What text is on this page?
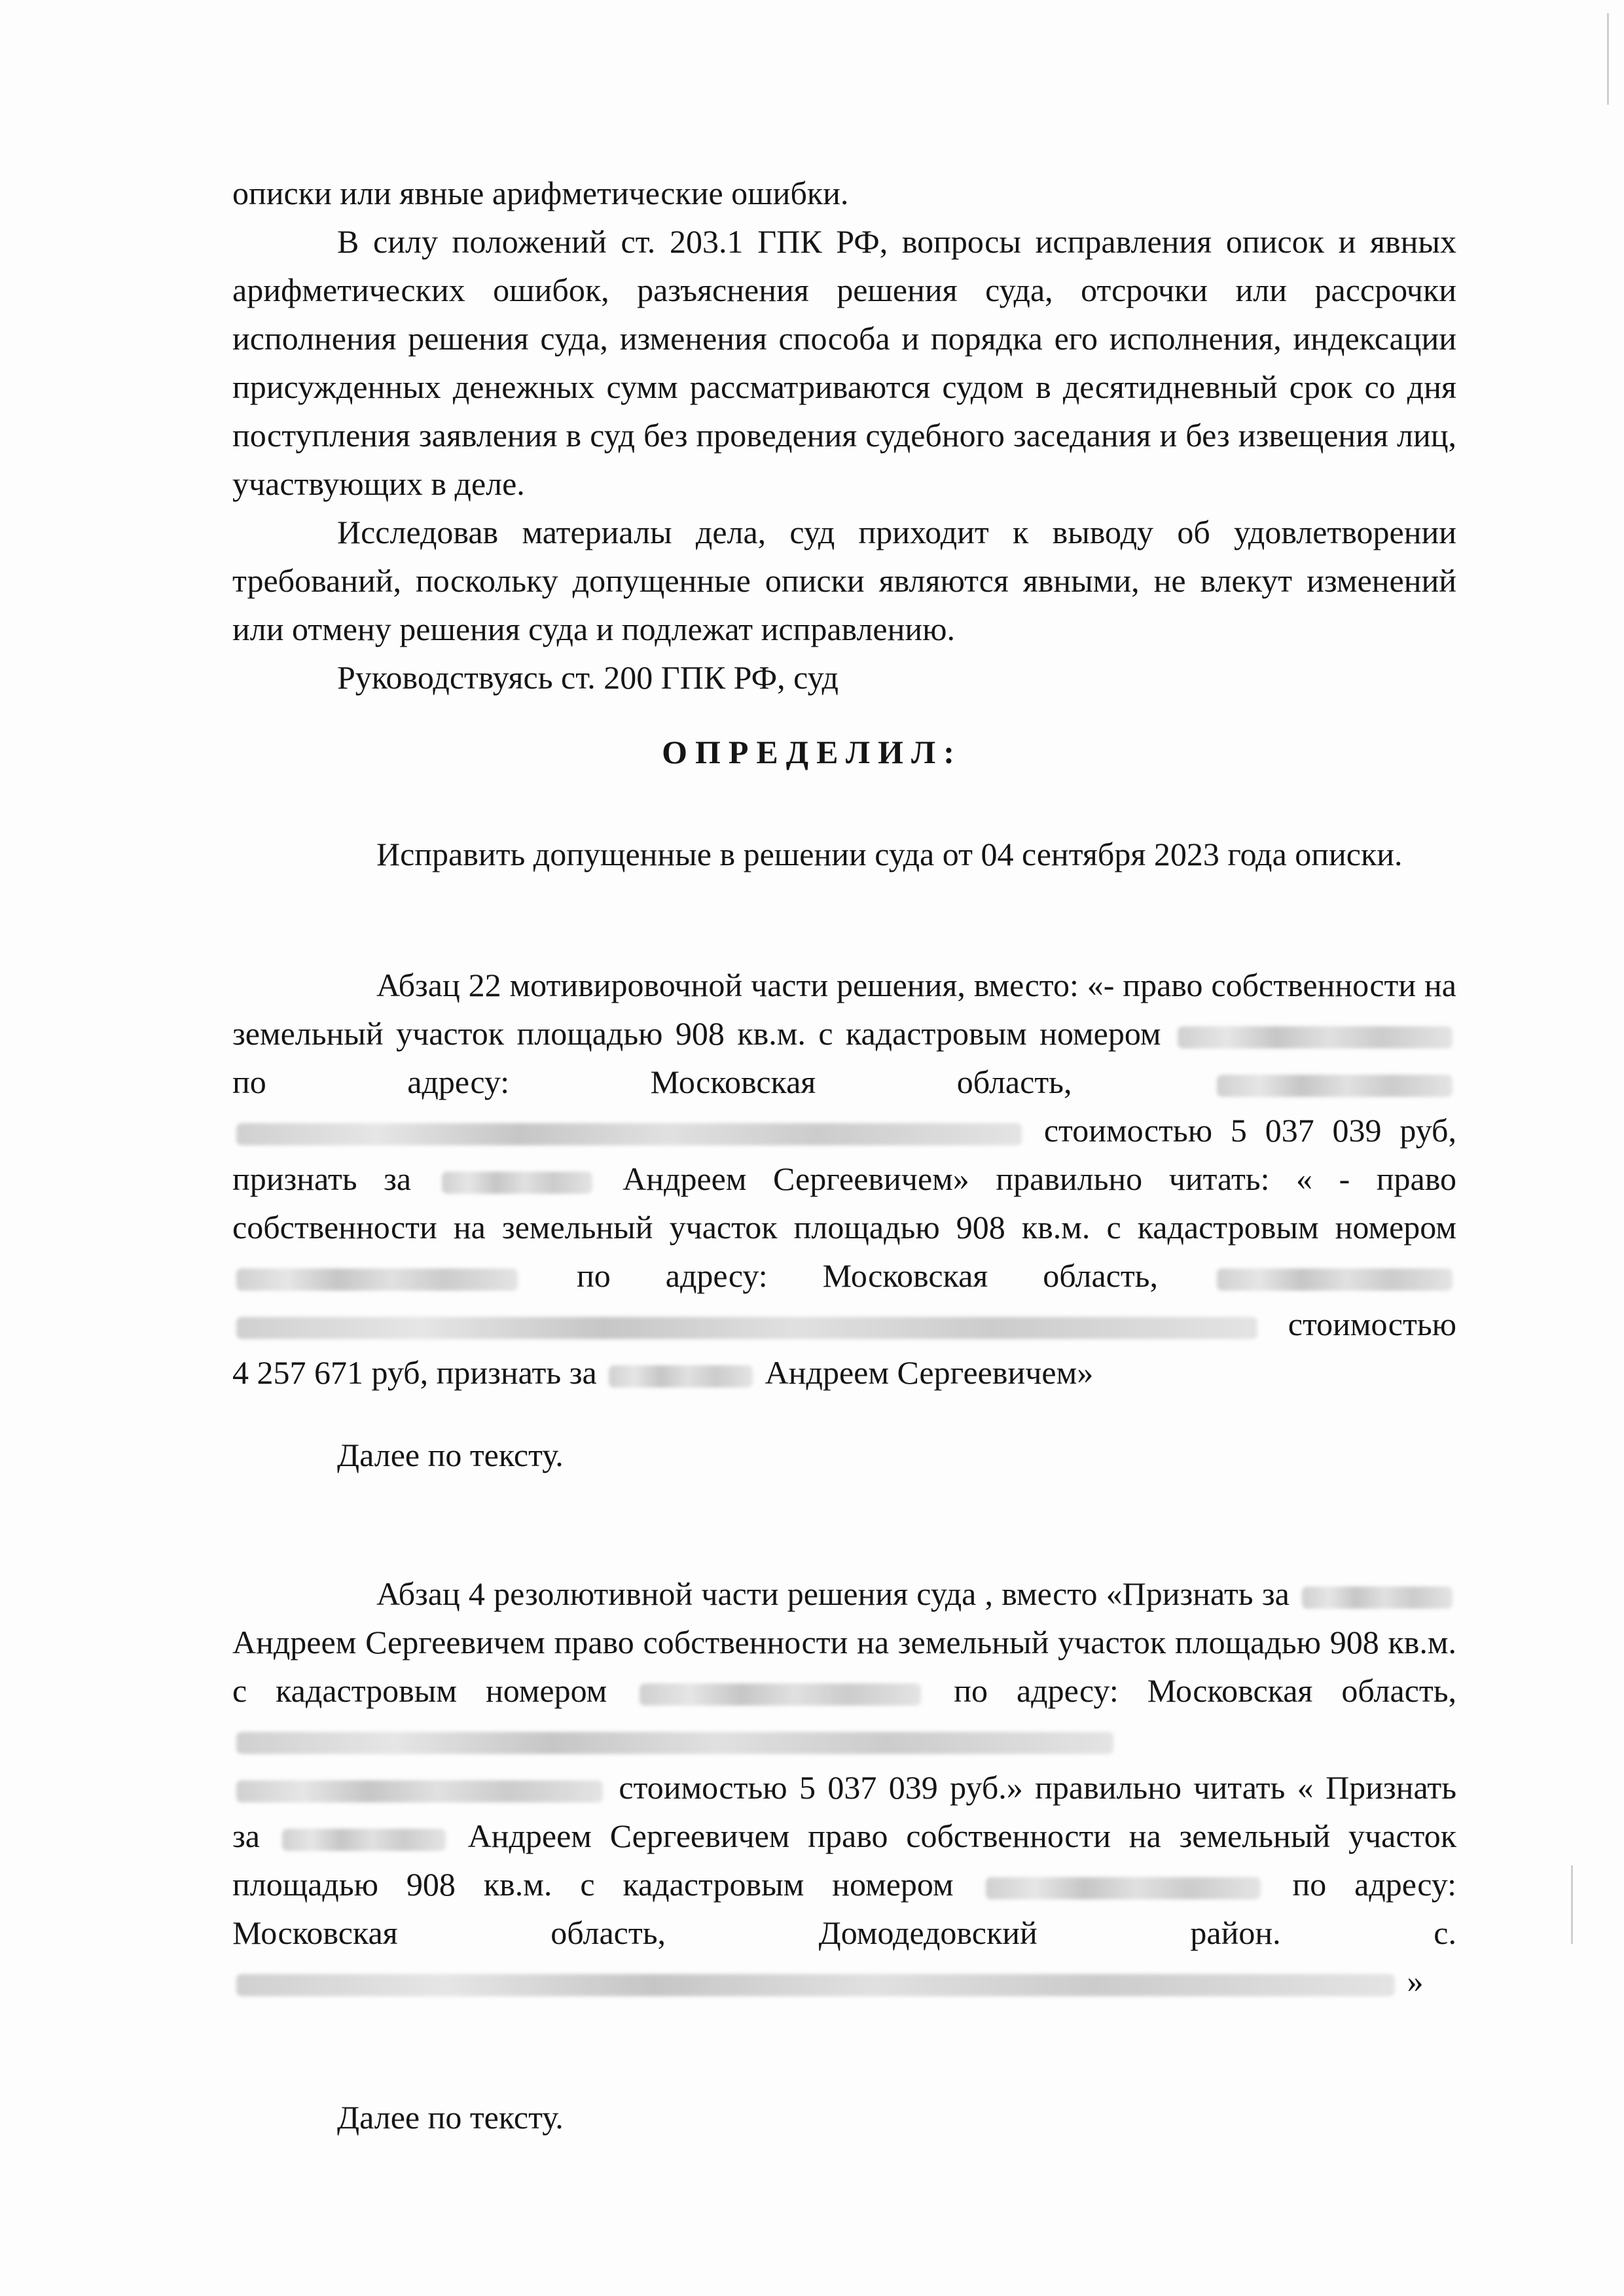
описки или явные арифметические ошибки.

В силу положений ст. 203.1 ГПК РФ, вопросы исправления описок и явных арифметических ошибок, разъяснения решения суда, отсрочки или рассрочки исполнения решения суда, изменения способа и порядка его исполнения, индексации присужденных денежных сумм рассматриваются судом в десятидневный срок со дня поступления заявления в суд без проведения судебного заседания и без извещения лиц, участвующих в деле.

Исследовав материалы дела, суд приходит к выводу об удовлетворении требований, поскольку допущенные описки являются явными, не влекут изменений или отмену решения суда и подлежат исправлению.

Руководствуясь ст. 200 ГПК РФ, суд

ОПРЕДЕЛИЛ:

Исправить допущенные в решении суда от 04 сентября 2023 года описки.

Абзац 22 мотивировочной части решения, вместо: «- право собственности на земельный участок площадью 908 кв.м. с кадастровым номером  по адресу: Московская область,   стоимостью 5 037 039 руб, признать за	Андреем Сергеевичем» правильно читать: « - право собственности на земельный участок площадью 908 кв.м. с кадастровым номером  по адресу: Московская область,   стоимостью 4 257 671 руб, признать за	Андреем Сергеевичем»

Далее по тексту.

Абзац 4 резолютивной части решения суда , вместо «Признать за  Андреем Сергеевичем право собственности на земельный участок площадью 908 кв.м. с кадастровым номером	по адресу: Московская область,   стоимостью 5 037 039 руб.» правильно читать « Признать за	Андреем Сергеевичем право собственности на земельный участок площадью 908 кв.м. с кадастровым номером	по адресу: Московская область, Домодедовский район. с.  »

Далее по тексту.
